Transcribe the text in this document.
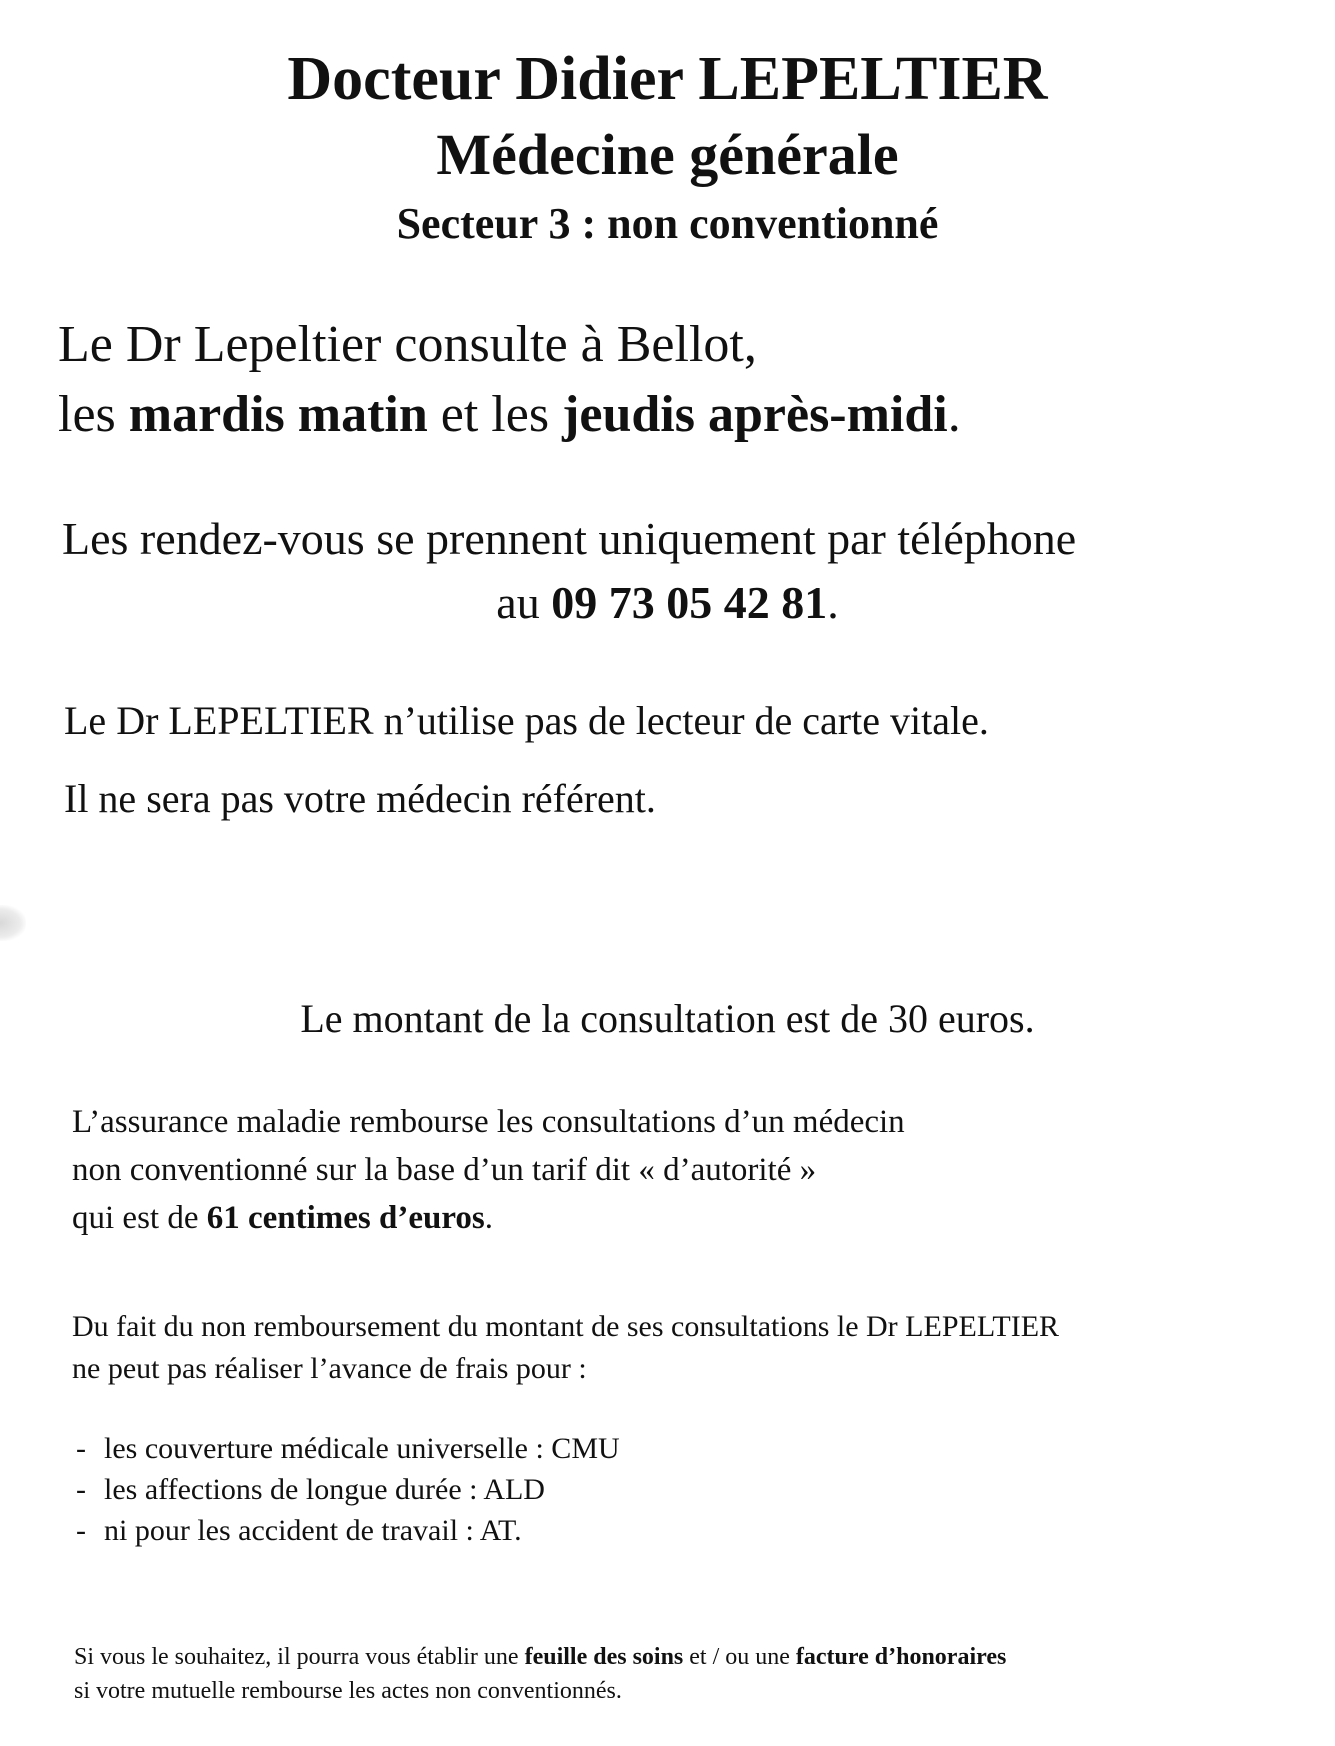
Docteur Didier LEPELTIER
Médecine générale
Secteur 3 : non conventionné
Le Dr Lepeltier consulte à Bellot,
les mardis matin et les jeudis après-midi.
Les rendez-vous se prennent uniquement par téléphone
au 09 73 05 42 81.
Le Dr LEPELTIER n’utilise pas de lecteur de carte vitale.
Il ne sera pas votre médecin référent.
Le montant de la consultation est de 30 euros.
L’assurance maladie rembourse les consultations d’un médecin
non conventionné sur la base d’un tarif dit « d’autorité »
qui est de 61 centimes d’euros.
Du fait du non remboursement du montant de ses consultations le Dr LEPELTIER
ne peut pas réaliser l’avance de frais pour :
- les couverture médicale universelle : CMU
- les affections de longue durée : ALD
- ni pour les accident de travail : AT.
Si vous le souhaitez, il pourra vous établir une feuille des soins et / ou une facture d’honoraires
si votre mutuelle rembourse les actes non conventionnés.
